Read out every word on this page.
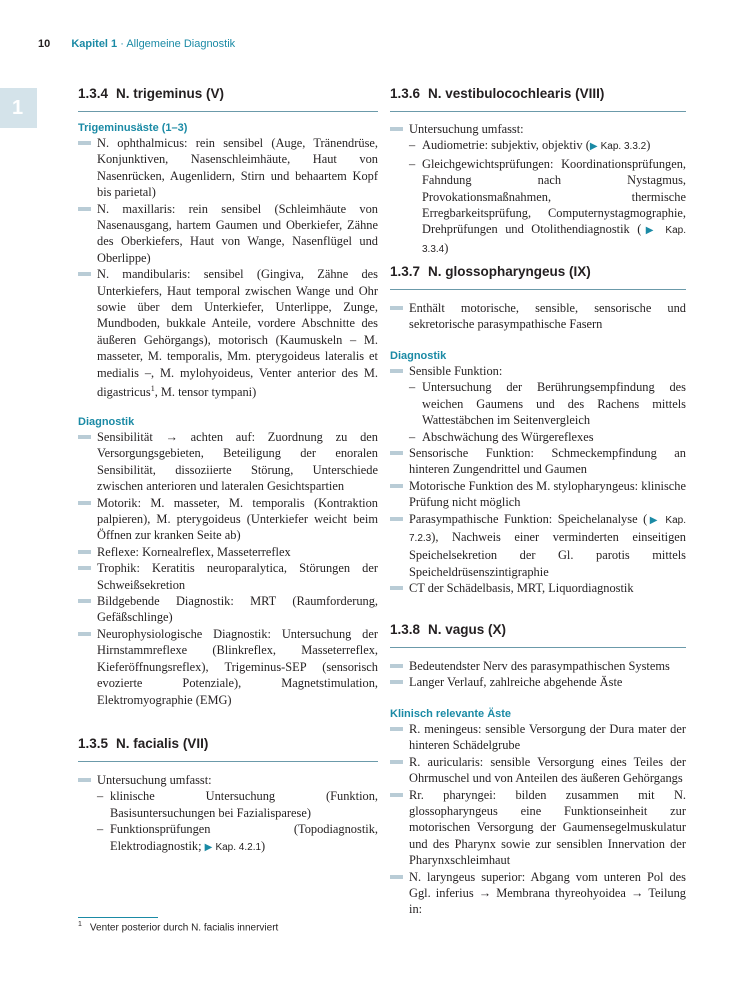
10 Kapitel 1 · Allgemeine Diagnostik
1
1.3.4 N. trigeminus (V)
Trigeminusäste (1–3)
N. ophthalmicus: rein sensibel (Auge, Tränendrüse, Konjunktiven, Nasenschleimhäute, Haut von Nasenrücken, Augenlidern, Stirn und behaartem Kopf bis parietal)
N. maxillaris: rein sensibel (Schleimhäute von Nasenausgang, hartem Gaumen und Oberkiefer, Zähne des Oberkiefers, Haut von Wange, Nasenflügel und Oberlippe)
N. mandibularis: sensibel (Gingiva, Zähne des Unterkiefers, Haut temporal zwischen Wange und Ohr sowie über dem Unterkiefer, Unterlippe, Zunge, Mundboden, bukkale Anteile, vordere Abschnitte des äußeren Gehörgangs), motorisch (Kaumuskeln – M. masseter, M. temporalis, Mm. pterygoideus lateralis et medialis –, M. mylohyoideus, Venter anterior des M. digastricus$^1$, M. tensor tympani)
Diagnostik
Sensibilität → achten auf: Zuordnung zu den Versorgungsgebieten, Beteiligung der enoralen Sensibilität, dissoziierte Störung, Unterschiede zwischen anterioren und lateralen Gesichtspartien
Motorik: M. masseter, M. temporalis (Kontraktion palpieren), M. pterygoideus (Unterkiefer weicht beim Öffnen zur kranken Seite ab)
Reflexe: Kornealreflex, Masseterreflex
Trophik: Keratitis neuroparalytica, Störungen der Schweißsekretion
Bildgebende Diagnostik: MRT (Raumforderung, Gefäßschlinge)
Neurophysiologische Diagnostik: Untersuchung der Hirnstammreflexe (Blinkreflex, Masseterreflex, Kieferöffnungsreflex), Trigeminus-SEP (sensorisch evozierte Potenziale), Magnetstimulation, Elektromyographie (EMG)
1.3.5 N. facialis (VII)
Untersuchung umfasst:
– klinische Untersuchung (Funktion, Basisuntersuchungen bei Fazialisparese)
– Funktionsprüfungen (Topodiagnostik, Elektrodiagnostik; ▶ Kap. 4.2.1)
1.3.6 N. vestibulocochlearis (VIII)
Untersuchung umfasst:
– Audiometrie: subjektiv, objektiv (▶ Kap. 3.3.2)
– Gleichgewichtsprüfungen: Koordinationsprüfungen, Fahndung nach Nystagmus, Provokationsmaßnahmen, thermische Erregbarkeitsprüfung, Computernystagmographie, Drehprüfungen und Otolithendiagnostik (▶ Kap. 3.3.4)
1.3.7 N. glossopharyngeus (IX)
Enthält motorische, sensible, sensorische und sekretorische parasympathische Fasern
Diagnostik
Sensible Funktion:
– Untersuchung der Berührungsempfindung des weichen Gaumens und des Rachens mittels Wattestäbchen im Seitenvergleich
– Abschwächung des Würgereflexes
Sensorische Funktion: Schmeckempfindung an hinteren Zungendrittel und Gaumen
Motorische Funktion des M. stylopharyngeus: klinische Prüfung nicht möglich
Parasympathische Funktion: Speichelanalyse (▶ Kap. 7.2.3), Nachweis einer verminderten einseitigen Speichelsekretion der Gl. parotis mittels Speicheldrüsenszintigraphie
CT der Schädelbasis, MRT, Liquordiagnostik
1.3.8 N. vagus (X)
Bedeutendster Nerv des parasympathischen Systems
Langer Verlauf, zahlreiche abgehende Äste
Klinisch relevante Äste
R. meningeus: sensible Versorgung der Dura mater der hinteren Schädelgrube
R. auricularis: sensible Versorgung eines Teiles der Ohrmuschel und von Anteilen des äußeren Gehörgangs
Rr. pharyngei: bilden zusammen mit N. glossopharyngeus eine Funktionseinheit zur motorischen Versorgung der Gaumensegelmuskulatur und des Pharynx sowie zur sensiblen Innervation der Pharynxschleimhaut
N. laryngeus superior: Abgang vom unteren Pol des Ggl. inferius → Membrana thyreohyoidea → Teilung in:
$^1$ Venter posterior durch N. facialis innerviert
